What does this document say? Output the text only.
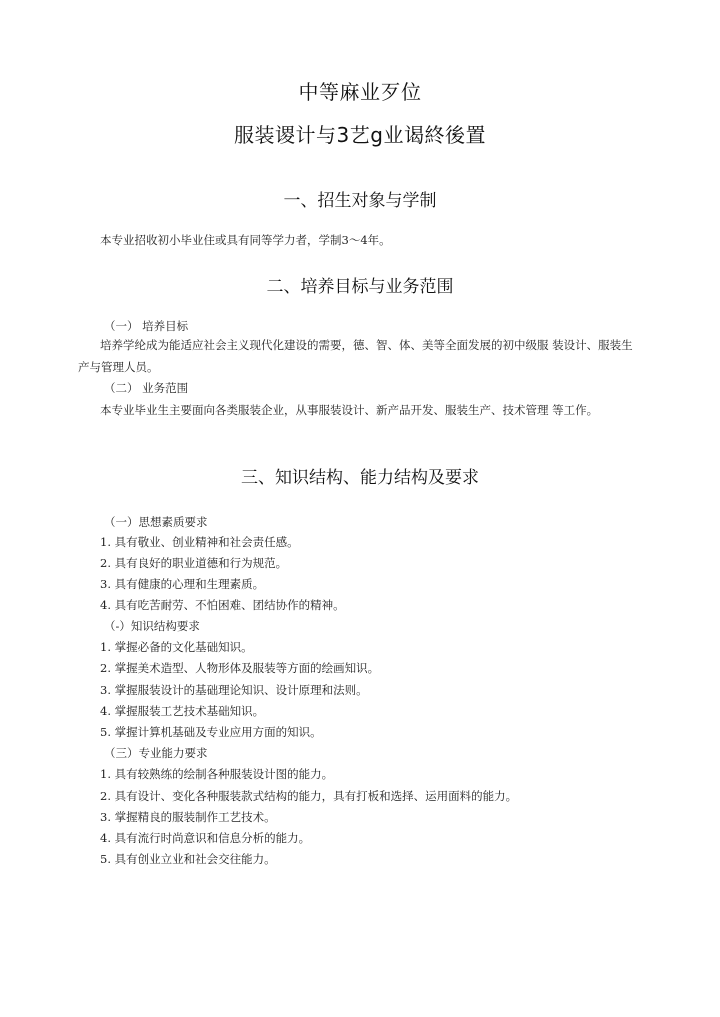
中等麻业歹位
服装谡计与3艺g业谒終後置
一、招生对象与学制
本专业招收初小毕业住或具有同等学力者，学制3～4年。
二、培养目标与业务范围
（一） 培养目标
培养学纶成为能适应社会主义现代化建设的需要，德、智、体、美等全面发展的初中级服 装设计、服装生产与管理人员。
（二） 业务范围
本专业毕业生主要面向各类服装企业，从事服装设计、新产品开发、服装生产、技术管理 等工作。
三、知识结构、能力结构及要求
（一）思想素质要求
1. 具有敬业、创业精神和社会责任感。
2. 具有良好的职业道德和行为规范。
3. 具有健康的心理和生理素质。
4. 具有吃苦耐劳、不怕困难、团结协作的精神。
（-）知识结构要求
1. 掌握必备的文化基础知识。
2. 掌握美术造型、人物形体及服装等方面的绘画知识。
3. 掌握服装设计的基础理论知识、设计原理和法则。
4. 掌握服装工艺技术基础知识。
5. 掌握计算机基础及专业应用方面的知识。
（三）专业能力要求
1. 具有较熟练的绘制各种服装设计图的能力。
2. 具有设计、变化各种服装款式结构的能力，具有打板和选择、运用面料的能力。
3. 掌握精良的服装制作工艺技术。
4. 具有流行时尚意识和信息分析的能力。
5. 具有创业立业和社会交往能力。
